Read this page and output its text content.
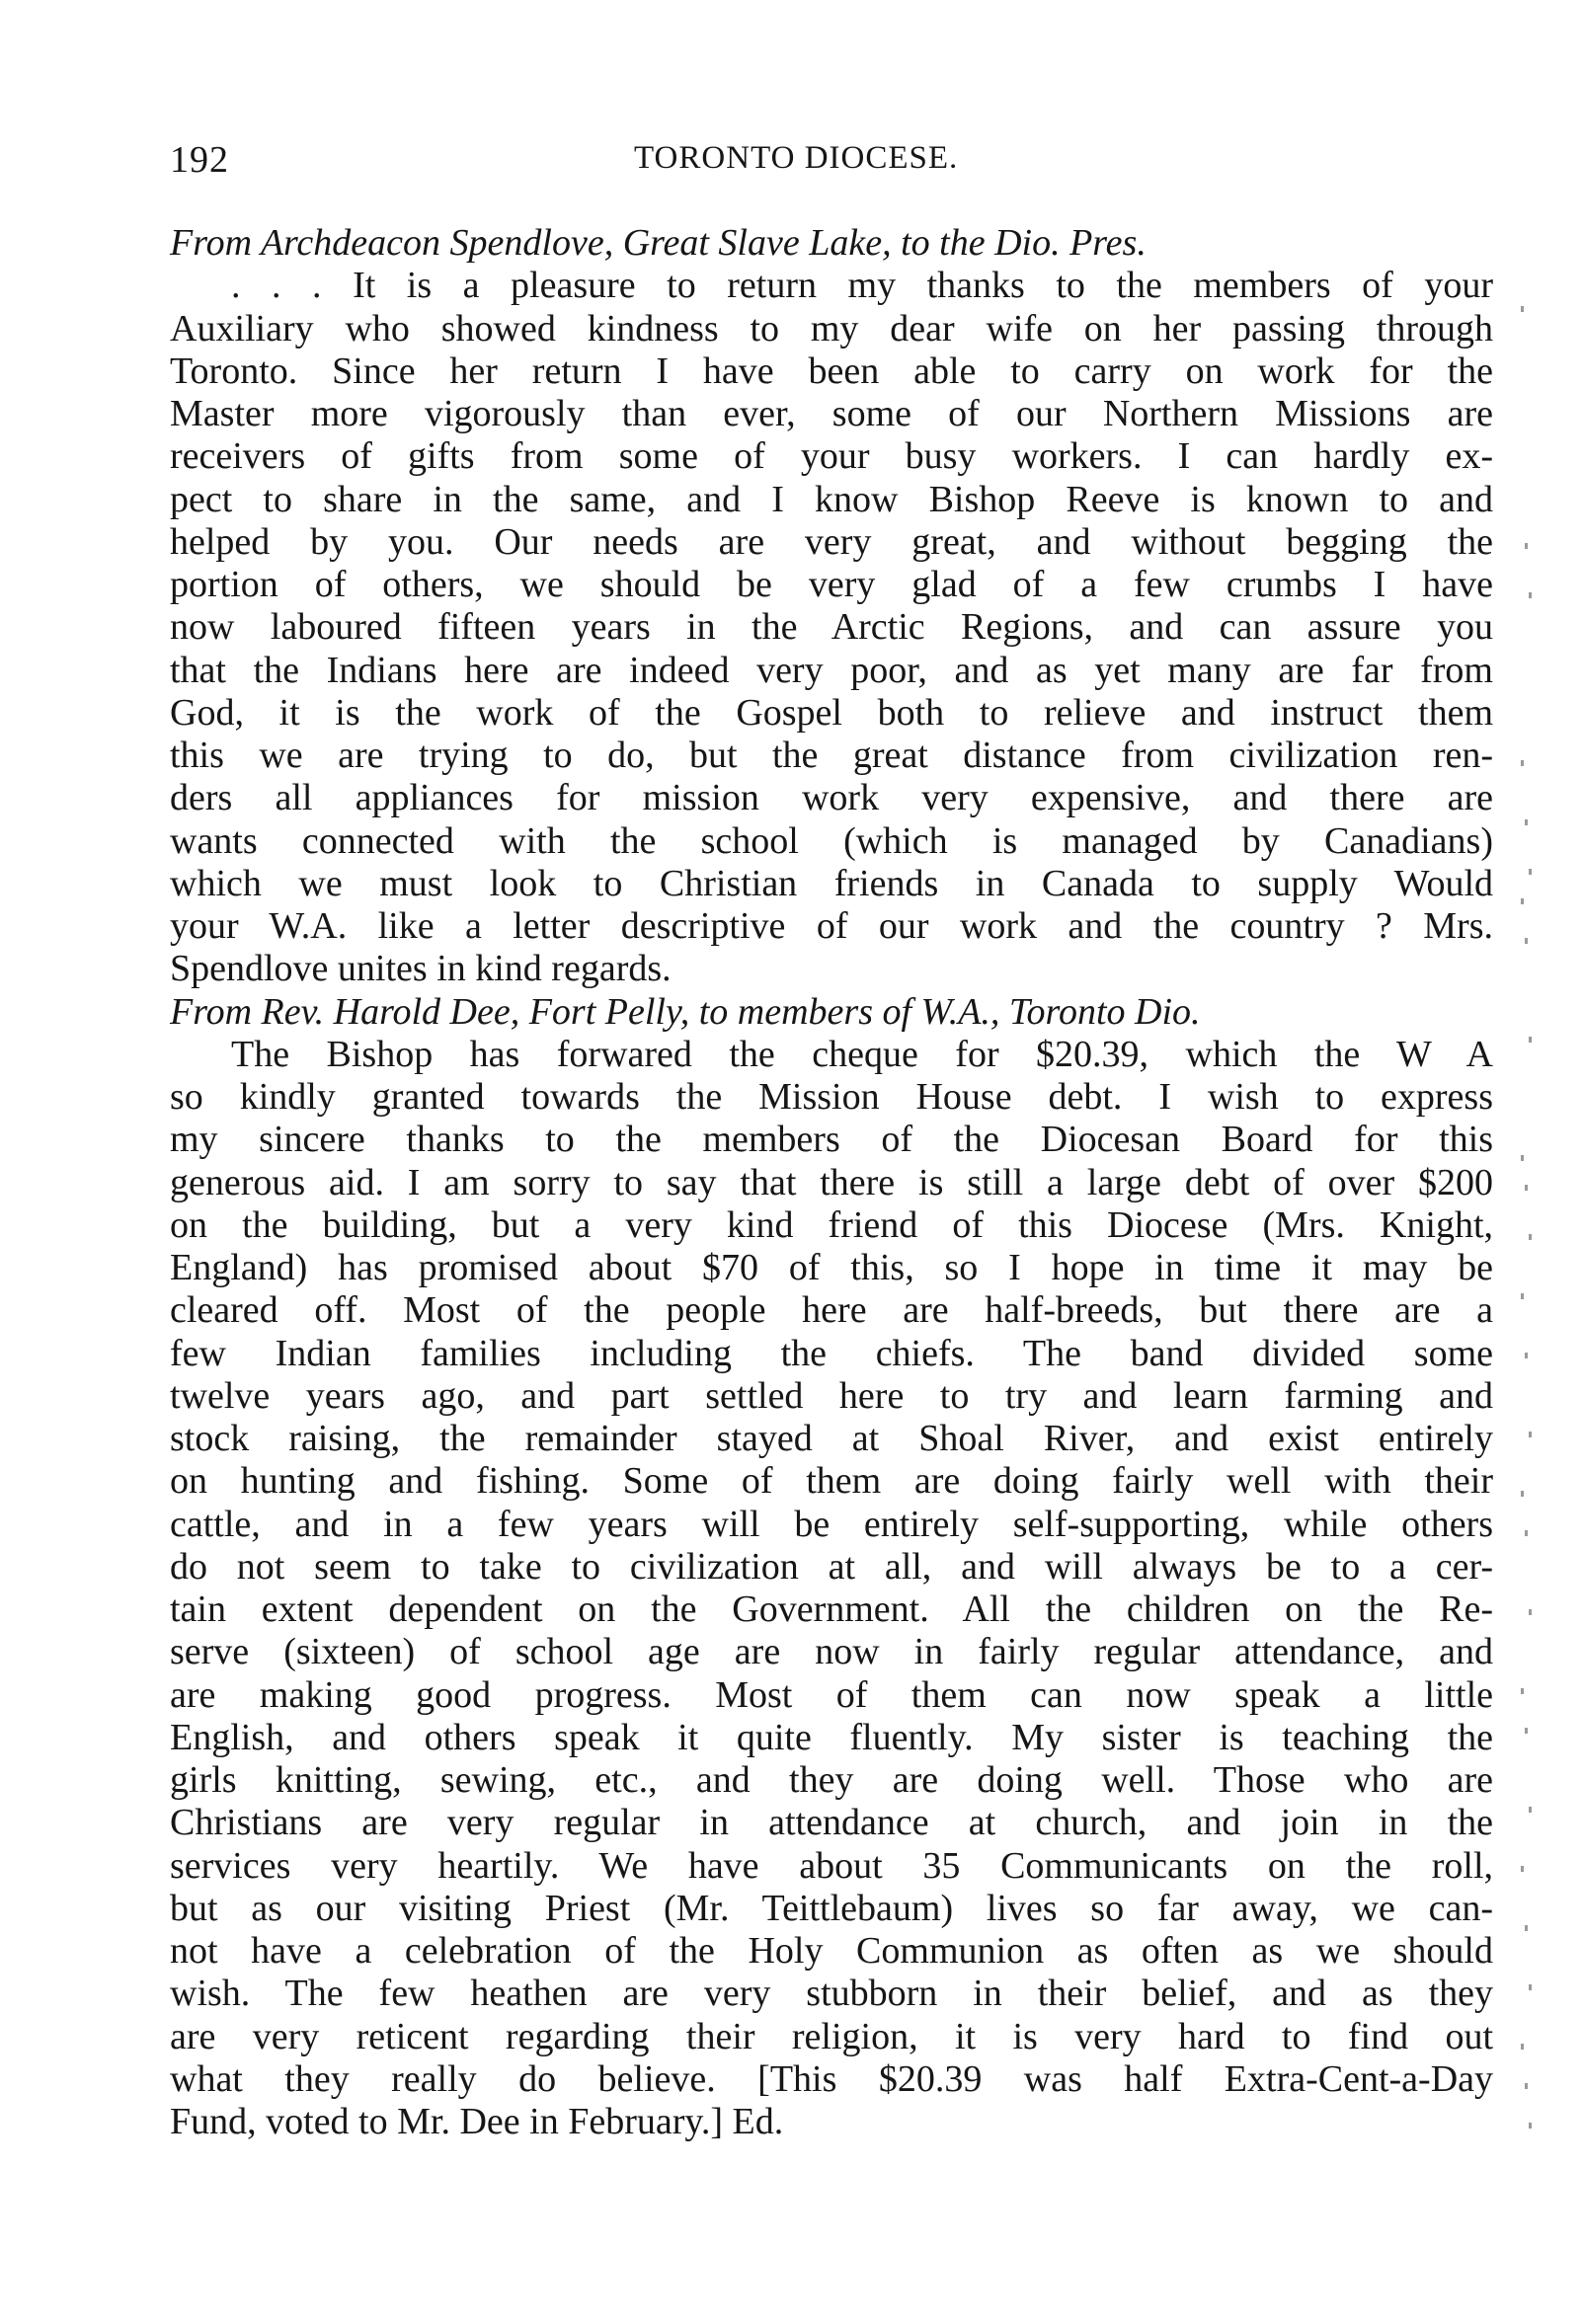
192	TORONTO DIOCESE.
From Archdeacon Spendlove, Great Slave Lake, to the Dio. Pres.
. . . It is a pleasure to return my thanks to the members of your
Auxiliary who showed kindness to my dear wife on her passing through
Toronto. Since her return I have been able to carry on work for the
Master more vigorously than ever, some of our Northern Missions are
receivers of gifts from some of your busy workers. I can hardly ex-
pect to share in the same, and I know Bishop Reeve is known to and
helped by you. Our needs are very great, and without begging the
portion of others, we should be very glad of a few crumbs I have
now laboured fifteen years in the Arctic Regions, and can assure you
that the Indians here are indeed very poor, and as yet many are far from
God, it is the work of the Gospel both to relieve and instruct them
this we are trying to do, but the great distance from civilization ren-
ders all appliances for mission work very expensive, and there are
wants connected with the school (which is managed by Canadians)
which we must look to Christian friends in Canada to supply Would
your W.A. like a letter descriptive of our work and the country ? Mrs.
Spendlove unites in kind regards.
From Rev. Harold Dee, Fort Pelly, to members of W.A., Toronto Dio.
The Bishop has forwared the cheque for $20.39, which the W A
so kindly granted towards the Mission House debt. I wish to express
my sincere thanks to the members of the Diocesan Board for this
generous aid. I am sorry to say that there is still a large debt of over $200
on the building, but a very kind friend of this Diocese (Mrs. Knight,
England) has promised about $70 of this, so I hope in time it may be
cleared off. Most of the people here are half-breeds, but there are a
few Indian families including the chiefs. The band divided some
twelve years ago, and part settled here to try and learn farming and
stock raising, the remainder stayed at Shoal River, and exist entirely
on hunting and fishing. Some of them are doing fairly well with their
cattle, and in a few years will be entirely self-supporting, while others
do not seem to take to civilization at all, and will always be to a cer-
tain extent dependent on the Government. All the children on the Re-
serve (sixteen) of school age are now in fairly regular attendance, and
are making good progress. Most of them can now speak a little
English, and others speak it quite fluently. My sister is teaching the
girls knitting, sewing, etc., and they are doing well. Those who are
Christians are very regular in attendance at church, and join in the
services very heartily. We have about 35 Communicants on the roll,
but as our visiting Priest (Mr. Teittlebaum) lives so far away, we can-
not have a celebration of the Holy Communion as often as we should
wish. The few heathen are very stubborn in their belief, and as they
are very reticent regarding their religion, it is very hard to find out
what they really do believe. [This $20.39 was half Extra-Cent-a-Day
Fund, voted to Mr. Dee in February.] Ed.
